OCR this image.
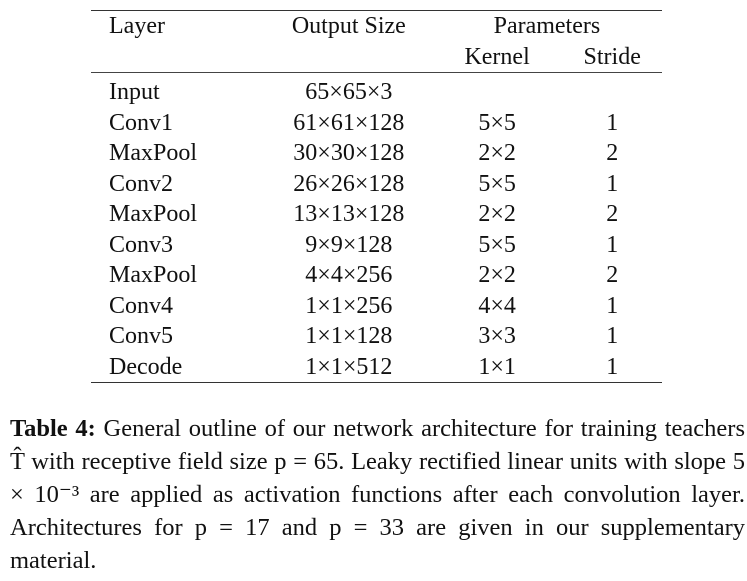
Layer	Output Size	Parameters	
		Kernel	Stride
Input	65×65×3		
Conv1	61×61×128	5×5	1
MaxPool	30×30×128	2×2	2
Conv2	26×26×128	5×5	1
MaxPool	13×13×128	2×2	2
Conv3	9×9×128	5×5	1
MaxPool	4×4×256	2×2	2
Conv4	1×1×256	4×4	1
Conv5	1×1×128	3×3	1
Decode	1×1×512	1×1	1
Table 4: General outline of our network architecture for training teachers T̂ with receptive field size p = 65. Leaky rectified linear units with slope 5 × 10⁻³ are applied as activation functions after each convolution layer. Architectures for p = 17 and p = 33 are given in our supplementary material.
